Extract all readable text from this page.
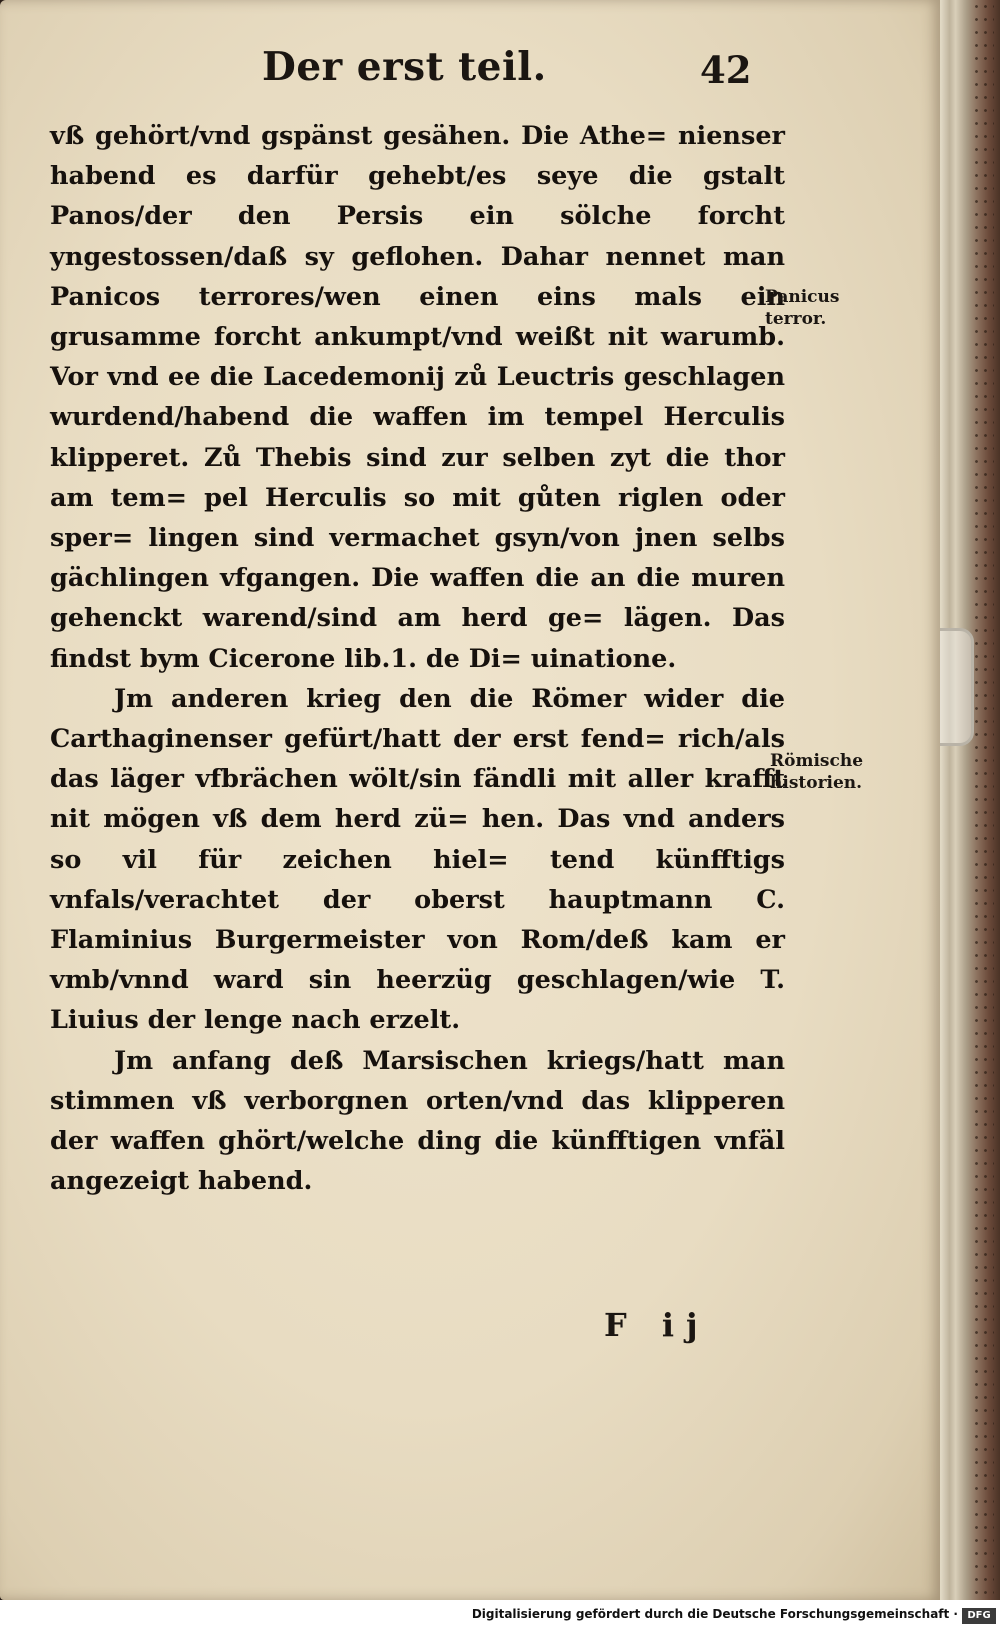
Der erst teil.	42

vß gehört/vnd gspänst gesähen. Die Athe= nienser habend es darfür gehebt/es seye die gstalt Panos/der den Persis ein sölche forcht yngestossen/daß sy geflohen. Dahar nennet man Panicos terrores/wen einen eins mals ein grusamme forcht ankumpt/vnd weißt nit warumb. Vor vnd ee die Lacedemonij zů Leuctris geschlagen wurdend/habend die waffen im tempel Herculis klipperet. Zů Thebis sind zur selben zyt die thor am tem= pel Herculis so mit gůten riglen oder sper= lingen sind vermachet gsyn/von jnen selbs gächlingen vfgangen. Die waffen die an die muren gehenckt warend/sind am herd ge= lägen. Das findst bym Cicerone lib.1. de Di= uinatione.

Jm anderen krieg den die Römer wider die Carthaginenser gefürt/hatt der erst fend= rich/als das läger vfbrächen wölt/sin fändli mit aller krafft nit mögen vß dem herd zü= hen. Das vnd anders so vil für zeichen hiel= tend künfftigs vnfals/verachtet der oberst hauptmann C. Flaminius Burgermeister von Rom/deß kam er vmb/vnnd ward sin heerzüg geschlagen/wie T. Liuius der lenge nach erzelt.

Jm anfang deß Marsischen kriegs/hatt man stimmen vß verborgnen orten/vnd das klipperen der waffen ghört/welche ding die künfftigen vnfäl angezeigt habend.

Panicus terror.
Römische historien.
F ij
Digitalisierung gefördert durch die Deutsche Forschungsgemeinschaft · DFG
